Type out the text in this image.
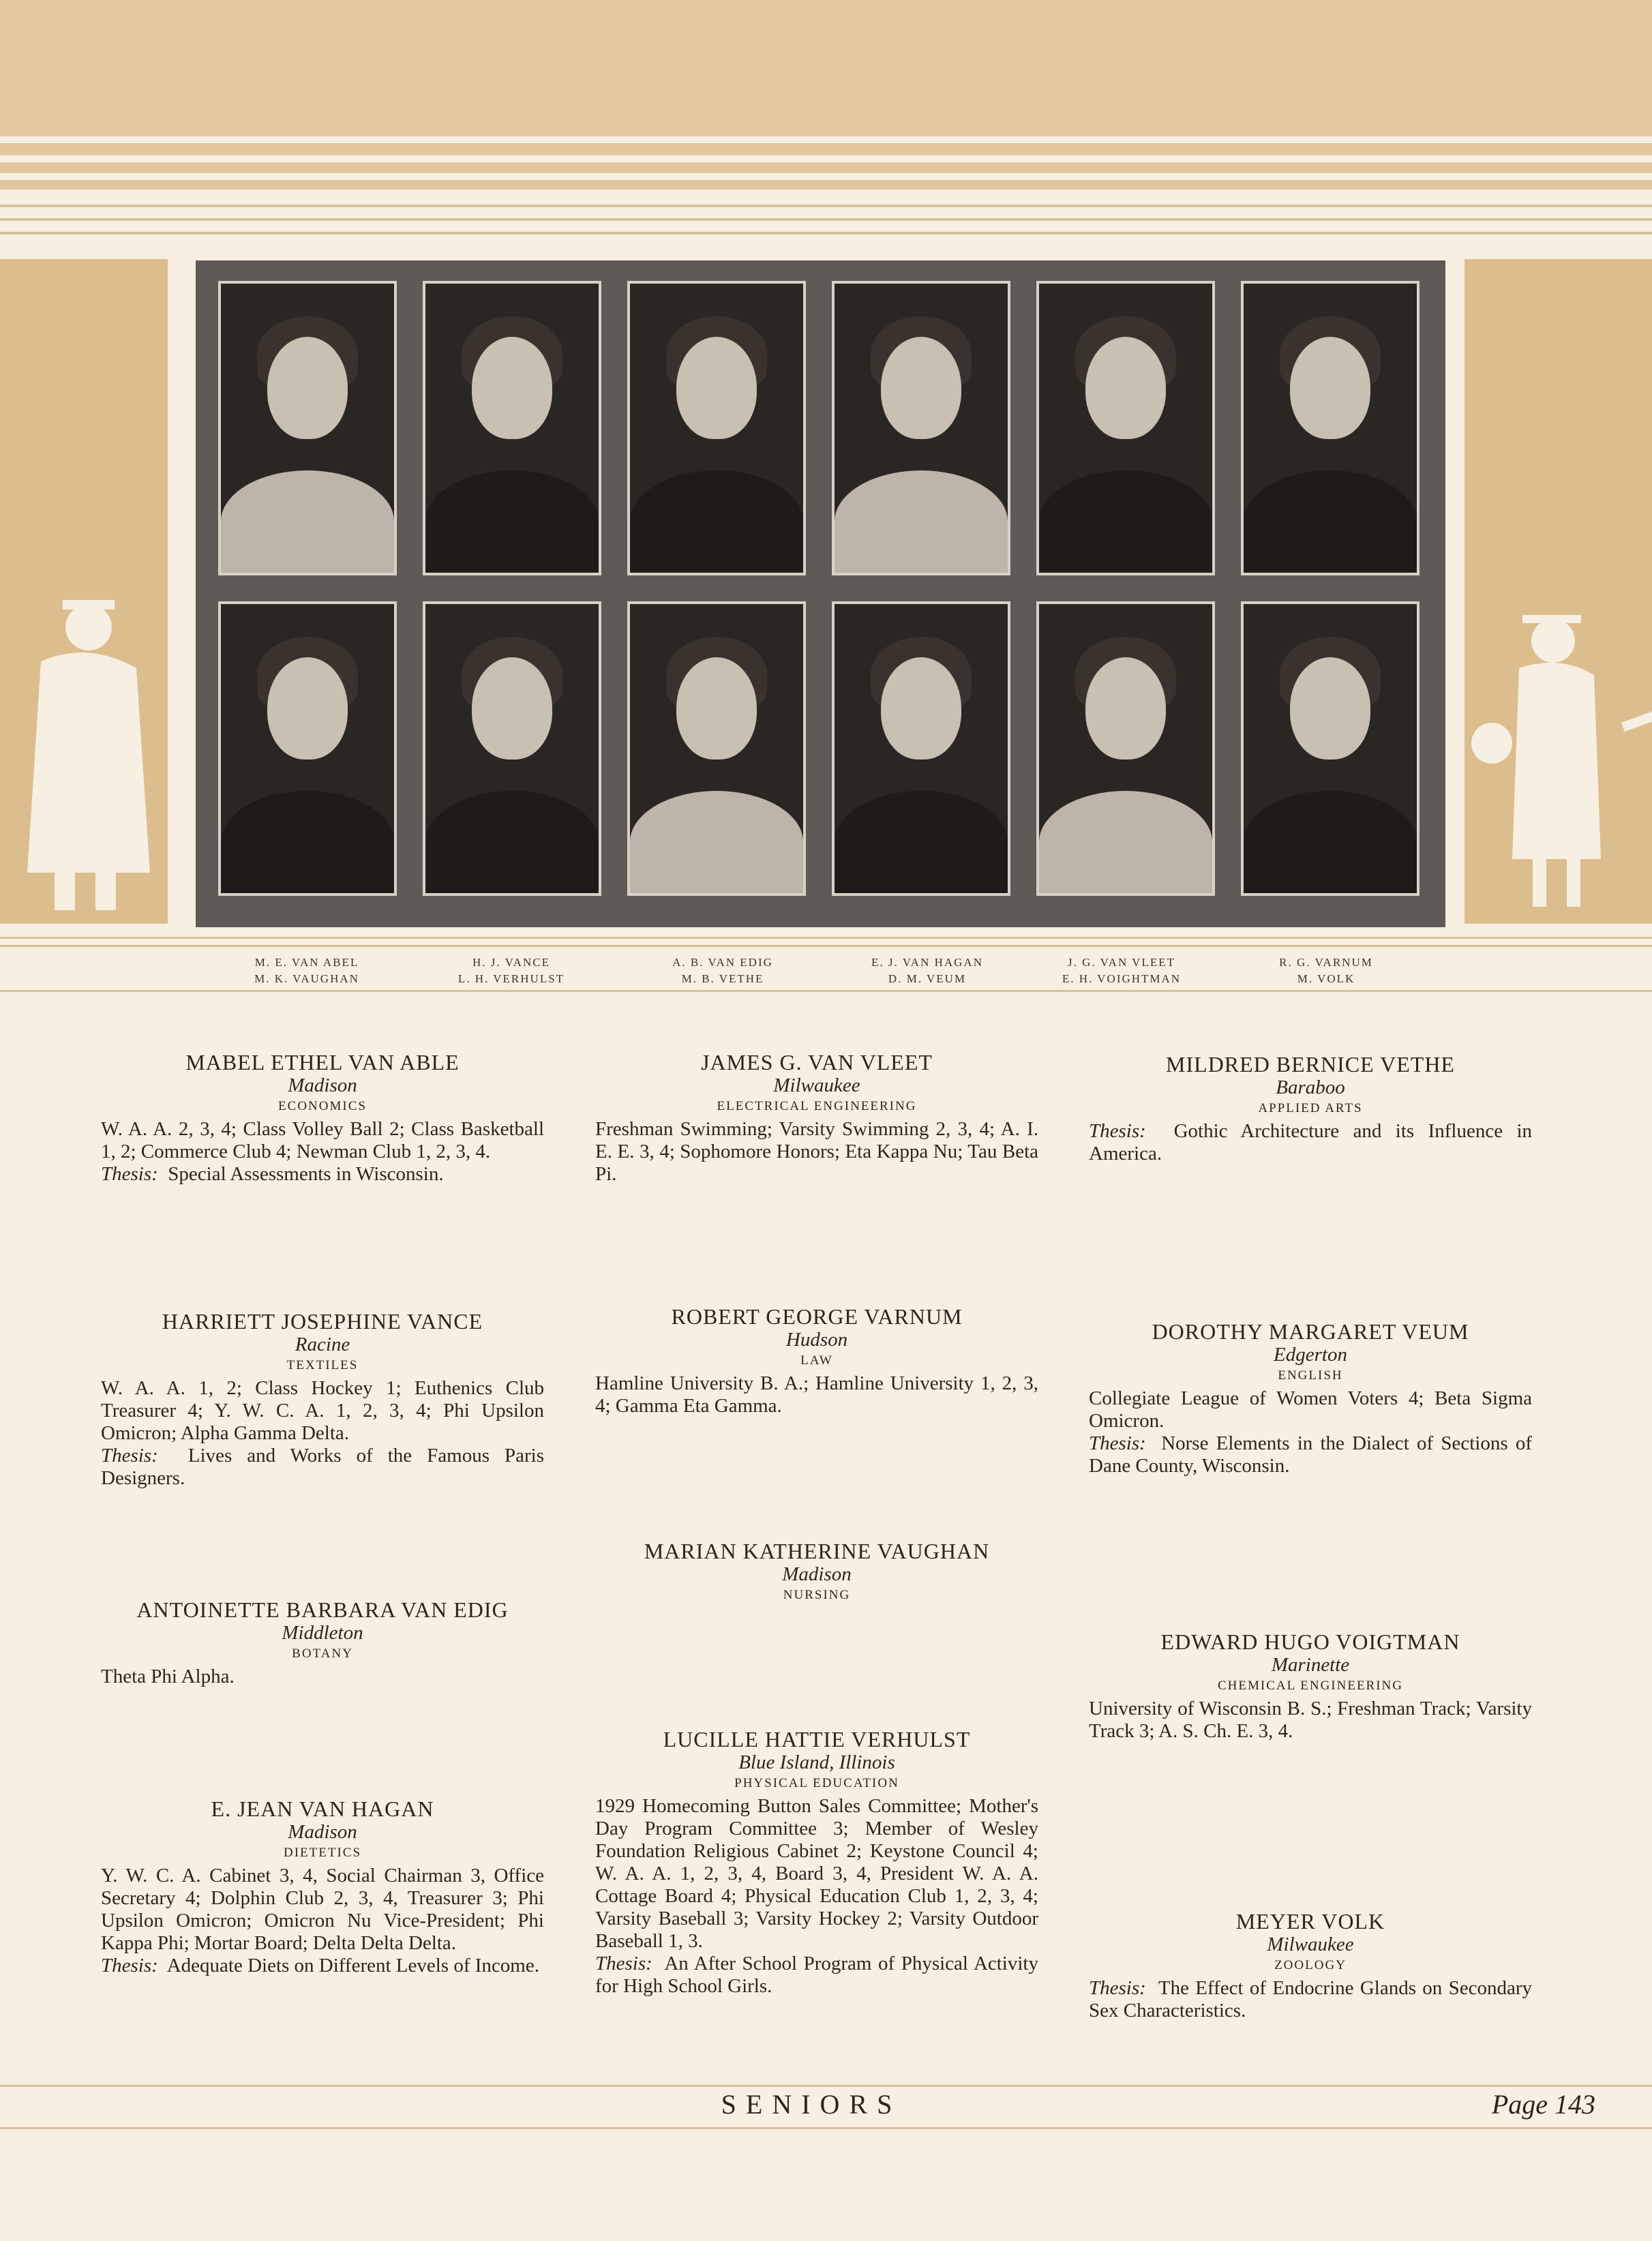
M. E. VAN ABEL
M. K. VAUGHAN
H. J. VANCE
L. H. VERHULST
A. B. VAN EDIG
M. B. VETHE
E. J. VAN HAGAN
D. M. VEUM
J. G. VAN VLEET
E. H. VOIGHTMAN
R. G. VARNUM
M. VOLK
MABEL ETHEL VAN ABLE
Madison
ECONOMICS
W. A. A. 2, 3, 4; Class Volley Ball 2; Class Basketball 1, 2; Commerce Club 4; Newman Club 1, 2, 3, 4.
Thesis: Special Assessments in Wisconsin.
HARRIETT JOSEPHINE VANCE
Racine
TEXTILES
W. A. A. 1, 2; Class Hockey 1; Euthenics Club Treasurer 4; Y. W. C. A. 1, 2, 3, 4; Phi Upsilon Omicron; Alpha Gamma Delta.
Thesis: Lives and Works of the Famous Paris Designers.
ANTOINETTE BARBARA VAN EDIG
Middleton
BOTANY
Theta Phi Alpha.
E. JEAN VAN HAGAN
Madison
DIETETICS
Y. W. C. A. Cabinet 3, 4, Social Chairman 3, Office Secretary 4; Dolphin Club 2, 3, 4, Treasurer 3; Phi Upsilon Omicron; Omicron Nu Vice-President; Phi Kappa Phi; Mortar Board; Delta Delta Delta.
Thesis: Adequate Diets on Different Levels of Income.
JAMES G. VAN VLEET
Milwaukee
ELECTRICAL ENGINEERING
Freshman Swimming; Varsity Swimming 2, 3, 4; A. I. E. E. 3, 4; Sophomore Honors; Eta Kappa Nu; Tau Beta Pi.
ROBERT GEORGE VARNUM
Hudson
LAW
Hamline University B. A.; Hamline University 1, 2, 3, 4; Gamma Eta Gamma.
MARIAN KATHERINE VAUGHAN
Madison
NURSING
LUCILLE HATTIE VERHULST
Blue Island, Illinois
PHYSICAL EDUCATION
1929 Homecoming Button Sales Committee; Mother's Day Program Committee 3; Member of Wesley Foundation Religious Cabinet 2; Keystone Council 4; W. A. A. 1, 2, 3, 4, Board 3, 4, President W. A. A. Cottage Board 4; Physical Education Club 1, 2, 3, 4; Varsity Baseball 3; Varsity Hockey 2; Varsity Outdoor Baseball 1, 3.
Thesis: An After School Program of Physical Activity for High School Girls.
MILDRED BERNICE VETHE
Baraboo
APPLIED ARTS
Thesis: Gothic Architecture and its Influence in America.
DOROTHY MARGARET VEUM
Edgerton
ENGLISH
Collegiate League of Women Voters 4; Beta Sigma Omicron.
Thesis: Norse Elements in the Dialect of Sections of Dane County, Wisconsin.
EDWARD HUGO VOIGTMAN
Marinette
CHEMICAL ENGINEERING
University of Wisconsin B. S.; Freshman Track; Varsity Track 3; A. S. Ch. E. 3, 4.
MEYER VOLK
Milwaukee
ZOOLOGY
Thesis: The Effect of Endocrine Glands on Secondary Sex Characteristics.
SENIORS	Page 143
